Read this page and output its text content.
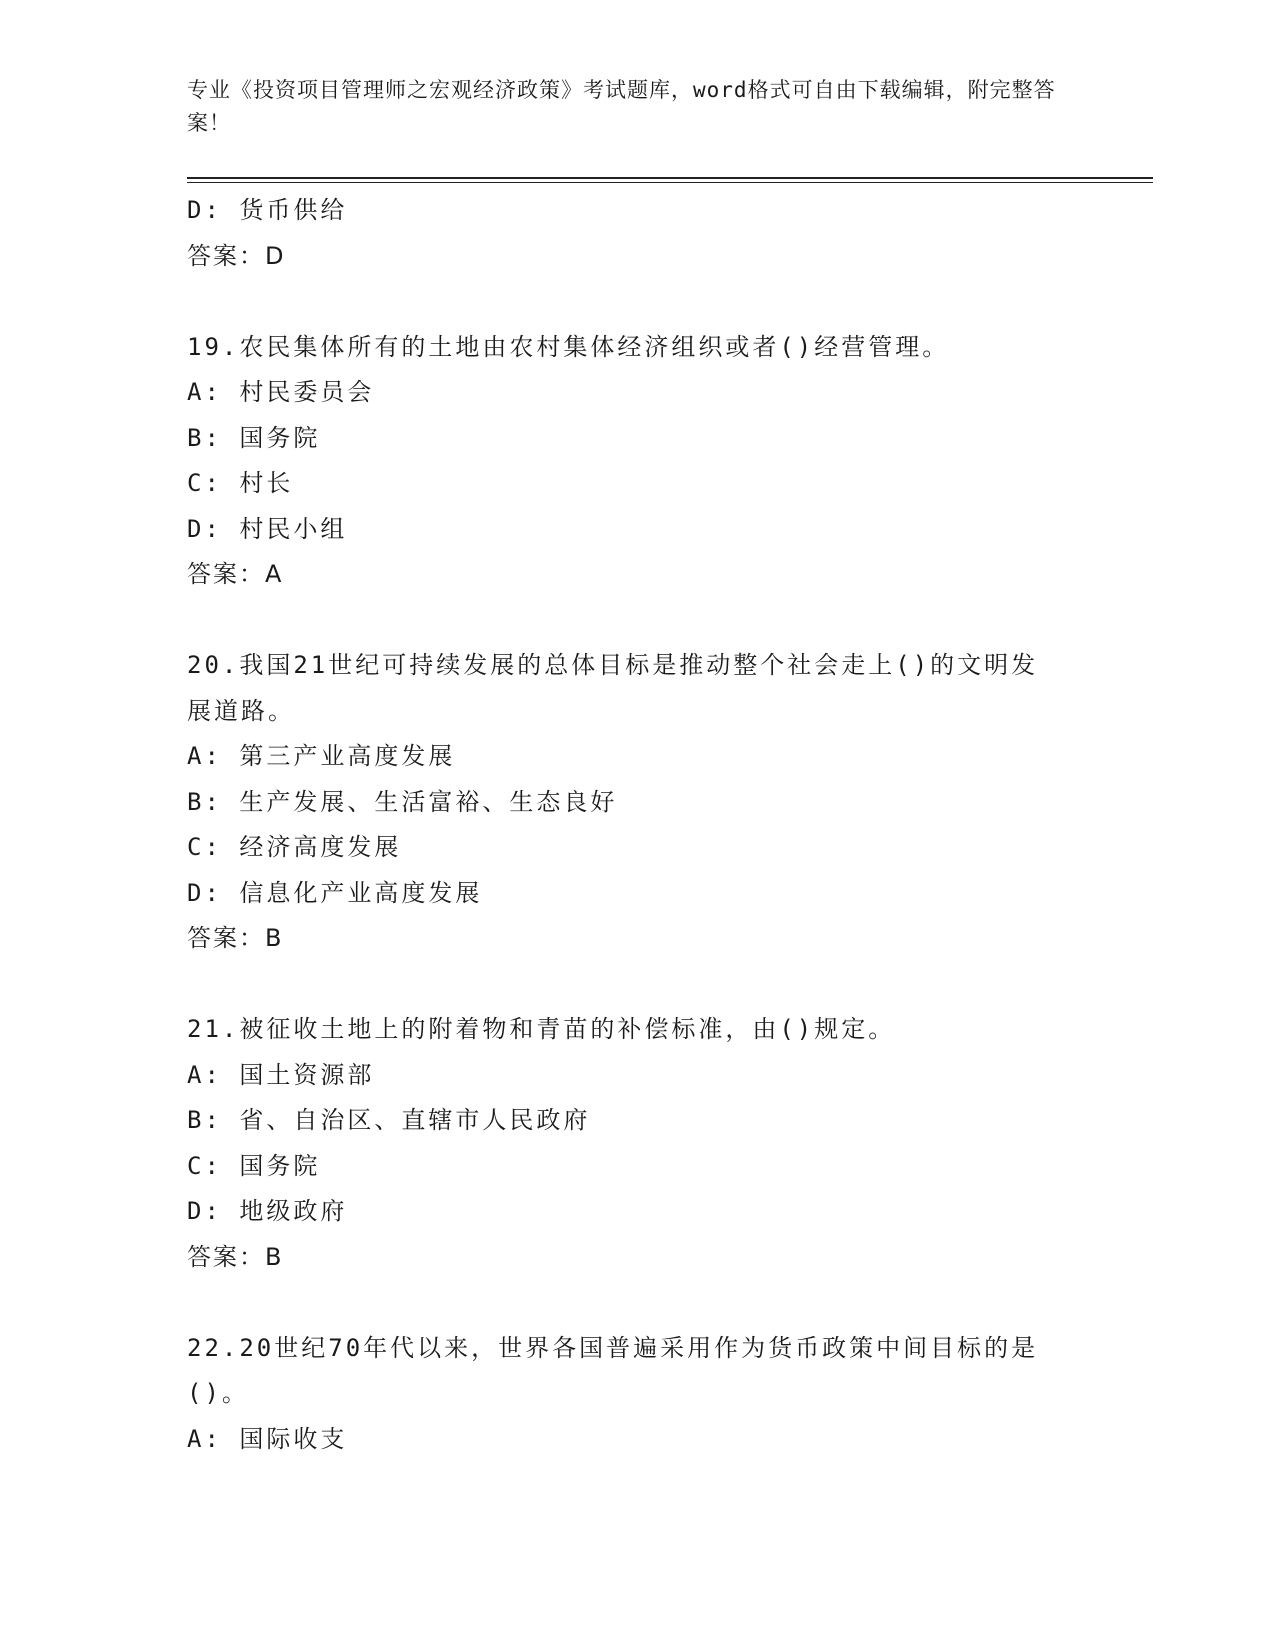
专业《投资项目管理师之宏观经济政策》考试题库，word格式可自由下载编辑，附完整答案！
D: 货币供给
答案：D
19.农民集体所有的土地由农村集体经济组织或者()经营管理。
A: 村民委员会
B: 国务院
C: 村长
D: 村民小组
答案：A
20.我国21世纪可持续发展的总体目标是推动整个社会走上()的文明发展道路。
A: 第三产业高度发展
B: 生产发展、生活富裕、生态良好
C: 经济高度发展
D: 信息化产业高度发展
答案：B
21.被征收土地上的附着物和青苗的补偿标准，由()规定。
A: 国土资源部
B: 省、自治区、直辖市人民政府
C: 国务院
D: 地级政府
答案：B
22.20世纪70年代以来，世界各国普遍采用作为货币政策中间目标的是()。
A: 国际收支
